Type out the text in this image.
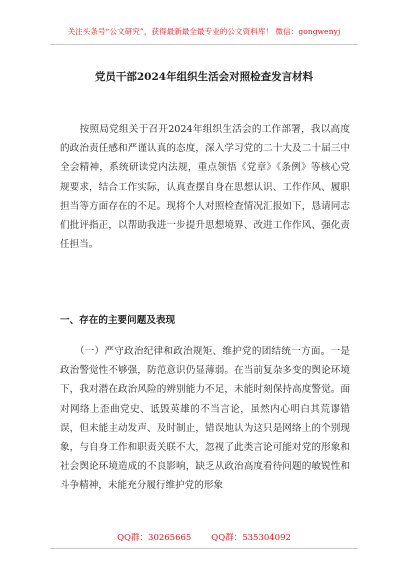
关注头条号“公文研究”，获得最新最全最专业的公文资料库！ 微信：gongwenyj
党员干部2024年组织生活会对照检查发言材料
　　按照局党组关于召开2024年组织生活会的工作部署，我以高度的政治责任感和严谨认真的态度，深入学习党的二十大及二十届三中全会精神，系统研读党内法规，重点领悟《党章》《条例》等核心党规要求，结合工作实际，认真查摆自身在思想认识、工作作风、履职担当等方面存在的不足。现将个人对照检查情况汇报如下，恳请同志们批评指正，以帮助我进一步提升思想境界、改进工作作风、强化责任担当。
一、存在的主要问题及表现
　　（一）严守政治纪律和政治规矩、维护党的团结统一方面。一是政治警觉性不够强，防范意识仍显薄弱。在当前复杂多变的舆论环境下，我对潜在政治风险的辨别能力不足，未能时刻保持高度警觉。面对网络上歪曲党史、诋毁英雄的不当言论，虽然内心明白其荒谬错误，但未能主动发声、及时制止，错误地认为这只是网络上的个别现象，与自身工作和职责关联不大，忽视了此类言论可能对党的形象和社会舆论环境造成的不良影响，缺乏从政治高度看待问题的敏锐性和斗争精神，未能充分履行维护党的形象
QQ群：30265665 QQ群：535304092
